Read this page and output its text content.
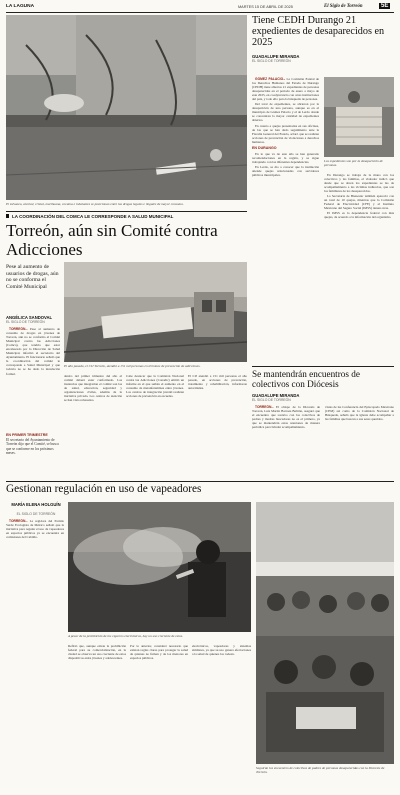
LA LAGUNA	MARTES 15 DE ABRIL DE 2025	El Siglo de Torreón	5E
El tolvaneo, alcohol, cristal, marihuana, cocaína e inhalantes se posicionan entre las drogas legales e ilegales de mayor consumo.
Tiene CEDH Durango 21 expedientes de desaparecidos en 2025
GUADALUPE MIRANDA
EL SIGLO DE TORREÓN

GÓMEZ PALACIO.- La Comisión Estatal de los Derechos Humanos del Estado de Durango (CEDH) tiene abiertos 21 expedientes de personas desaparecidas en el periodo de enero a mayo de este 2025, en coadyuvancia con otras instituciones del país, y todo ello para la búsqueda de personas.

Del total de expedientes, se abrieron por la desaparición de una persona, aunque es en el municipio de Gómez Palacio y el de Lerdo donde se concentran la mayor cantidad de expedientes abiertos.

En cuanto a quejas presentadas en sus oficinas, de las que se han dado seguimiento ante la Fiscalía General del Estado, aclaró que se realizan acciones de prevención de violaciones a derechos humanos.

EN DURANGO

En lo que va de este año se han generado recomendaciones en la región, y se sigue trabajando con las diferentes dependencias.

En Lerdo, se dio a conocer que la institución atiende quejas relacionadas con servidores públicos municipales.

Los expedientes son por la desaparición de personas.

En Durango se trabaja de la mano con los colectivos y las familias, el visitador indicó que desde que se abren los expedientes se les da acompañamiento a las víctimas indirectas, que son los familiares de los desaparecidos.

La Secretaría de Bienestar también apareció con un total de 10 quejas, mientras que la Comisión Federal de Electricidad (CFE) y el Instituto Mexicano del Seguro Social (IMSS) tienen otras.

El IMSS es la dependencia federal con más quejas, de acuerdo a la información del organismo.

LA COORDINACIÓN DEL COMCA LE CORRESPONDE A SALUD MUNICIPAL
Torreón, aún sin Comité contra Adicciones
Pese al aumento de usuarios de drogas, aún no se conforma el Comité Municipal
ANGÉLICA SANDOVAL
EL SIGLO DE TORREÓN

TORREÓN.- Pese al aumento de consumo de drogas en jóvenes de Torreón, aún no se conforma el Comité Municipal contra las Adicciones (Comca), que tendría que estar encabezado por la Dirección de Salud Municipal, informó el secretario del Ayuntamiento. El funcionario señaló que la coordinación del comité le corresponde a Salud Municipal y que todavía no se ha dado la instalación formal.

EN PRIMER TRIMESTRE
El secretario del Ayuntamiento de Torreón dijo que el Comité, se busca que se conforme en los próximos meses.
El año pasado, el CIJ Torreón, atendió a 151 mil personas en términos de prevención de adicciones.
dentro del primer trimestre del año el comité deberá estar conformado. Las instancias que integrarían el comité son las de salud, educación, seguridad y organizaciones civiles, además de la iniciativa privada. Los centros de atención se han visto rebasados.
Cabe destacar que la Comisión Nacional contra las Adicciones (Conadic) emitió un informe en el que señala el aumento en el consumo de metanfetaminas entre jóvenes. Los centros de integración juvenil realizan acciones de prevención en escuelas.
El CIJ atendió a 151 mil personas el año pasado, en acciones de prevención, tratamiento y rehabilitación, informaron autoridades.
Se mantendrán encuentros de colectivos con Diócesis
GUADALUPE MIRANDA
EL SIGLO DE TORREÓN

TORREÓN.- El obispo de la Diócesis de Torreón, Luis Martín Barraza Beltrán, aseguró que el encuentro que sostuvo con los colectivos de padres y madres buscadores no es el primero, ya que se mantendrán estas reuniones de manera periódica para brindar acompañamiento.

vistas de las Conferencia del Episcopado Mexicano (CEM) así como de la Comisión Nacional de Búsqueda, señaló que la iglesia debe acompañar a las familias que buscan a sus seres queridos.
Gestionan regulación en uso de vapeadores
MARÍA ELENA HOLGUÍN
EL SIGLO DE TORREÓN

TORREÓN.- La regidora del Partido Verde Ecologista de México señaló que la iniciativa para regular el uso de vapeadores en espacios públicos ya se encuentra en comisiones del Cabildo.

A pesar de la prohibición de los cigarros electrónicos, hay un uso creciente de estos.
Refirió que, aunque existe la prohibición federal para su comercialización, en la ciudad se observa un uso creciente de estos dispositivos entre jóvenes y adolescentes.
Por lo anterior, consideró necesario que existan reglas claras para proteger la salud de quienes no fuman y de los menores en espacios públicos.
electrónicos, vapeadores y sistemas similares, ya que su uso genera afectaciones a la salud de quienes los rodean.
Seguirán los encuentros de colectivos de padres de personas desaparecidas con la Diócesis de Torreón.
